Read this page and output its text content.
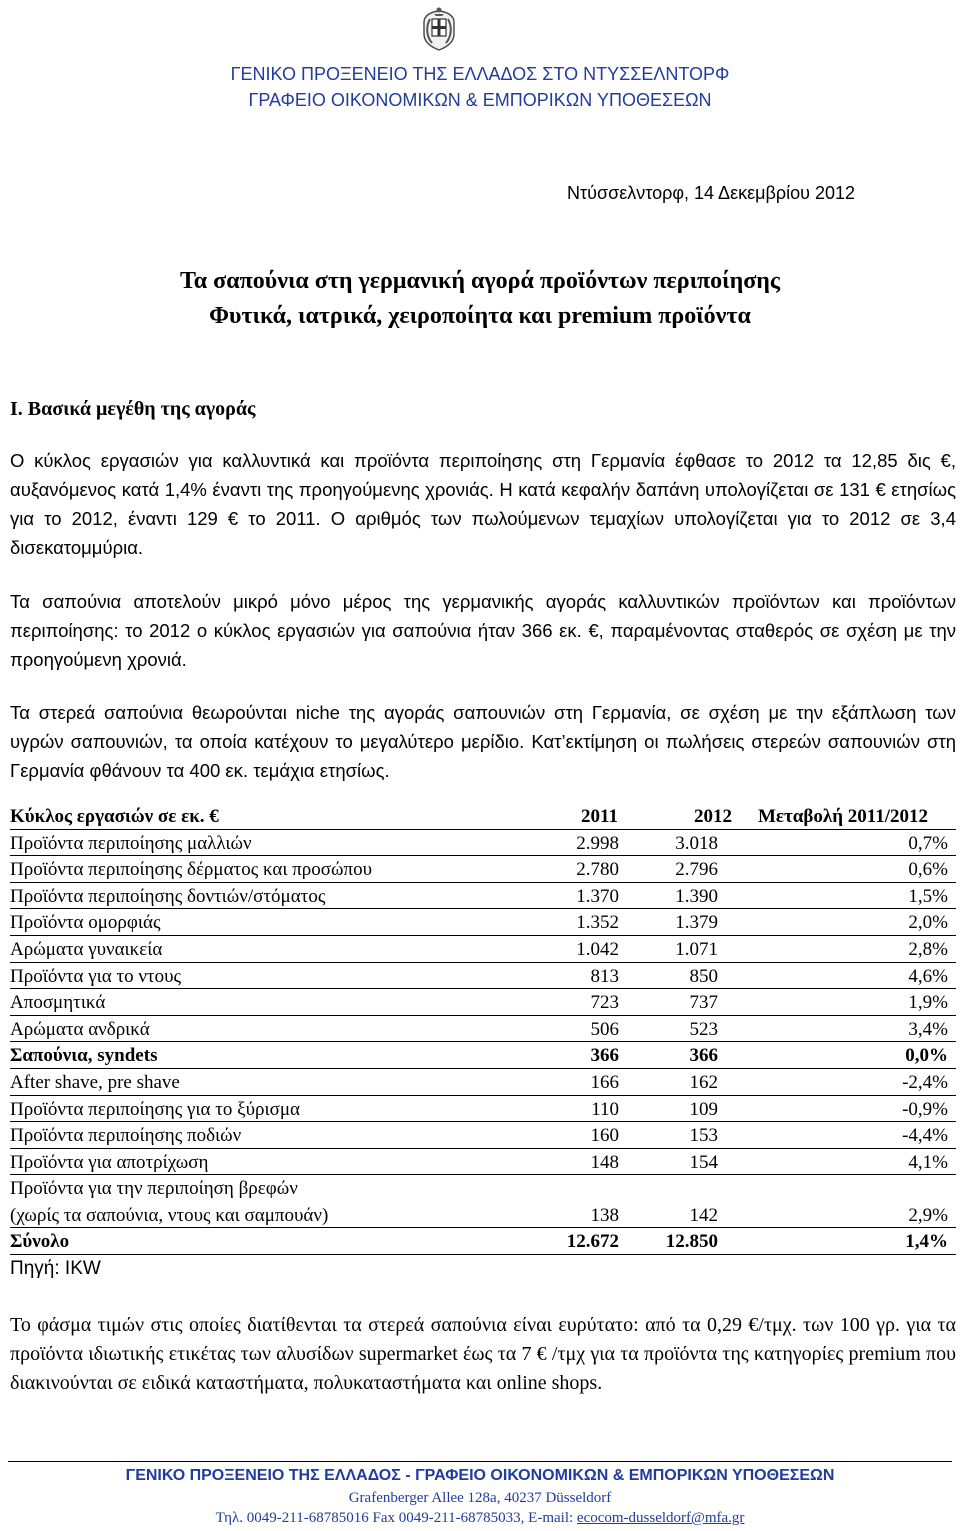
ΓΕΝΙΚΟ ΠΡΟΞΕΝΕΙΟ ΤΗΣ ΕΛΛΑΔΟΣ ΣΤΟ ΝΤΥΣΣΕΛΝΤΟΡΦ
ΓΡΑΦΕΙΟ ΟΙΚΟΝΟΜΙΚΩΝ & ΕΜΠΟΡΙΚΩΝ ΥΠΟΘΕΣΕΩΝ
Ντύσσελντορφ, 14 Δεκεμβρίου 2012
Τα σαπούνια στη γερμανική αγορά προϊόντων περιποίησης
Φυτικά, ιατρικά, χειροποίητα και premium προϊόντα
Ι. Βασικά μεγέθη της αγοράς

Ο κύκλος εργασιών για καλλυντικά και προϊόντα περιποίησης στη Γερμανία έφθασε το 2012 τα 12,85 δις €, αυξανόμενος κατά 1,4% έναντι της προηγούμενης χρονιάς. Η κατά κεφαλήν δαπάνη υπολογίζεται σε 131 € ετησίως για το 2012, έναντι 129 € το 2011. Ο αριθμός των πωλούμενων τεμαχίων υπολογίζεται για το 2012 σε 3,4 δισεκατομμύρια.

Τα σαπούνια αποτελούν μικρό μόνο μέρος της γερμανικής αγοράς καλλυντικών προϊόντων και προϊόντων περιποίησης: το 2012 ο κύκλος εργασιών για σαπούνια ήταν 366 εκ. €, παραμένοντας σταθερός σε σχέση με την προηγούμενη χρονιά.

Τα στερεά σαπούνια θεωρούνται niche της αγοράς σαπουνιών στη Γερμανία, σε σχέση με την εξάπλωση των υγρών σαπουνιών, τα οποία κατέχουν το μεγαλύτερο μερίδιο. Κατ’εκτίμηση οι πωλήσεις στερεών σαπουνιών στη Γερμανία φθάνουν τα 400 εκ. τεμάχια ετησίως.

Κύκλος εργασιών σε εκ. €	2011	2012 Μεταβολή 2011/2012
Προϊόντα περιποίησης μαλλιών	2.998	3.018	0,7%
Προϊόντα περιποίησης δέρματος και προσώπου	2.780	2.796	0,6%
Προϊόντα περιποίησης δοντιών/στόματος	1.370	1.390	1,5%
Προϊόντα ομορφιάς	1.352	1.379	2,0%
Αρώματα γυναικεία	1.042	1.071	2,8%
Προϊόντα για το ντους	813	850	4,6%
Αποσμητικά	723	737	1,9%
Αρώματα ανδρικά	506	523	3,4%
Σαπούνια, syndets	366	366	0,0%
After shave, pre shave	166	162	-2,4%
Προϊόντα περιποίησης για το ξύρισμα	110	109	-0,9%
Προϊόντα περιποίησης ποδιών	160	153	-4,4%
Προϊόντα για αποτρίχωση	148	154	4,1%
Προϊόντα για την περιποίηση βρεφών
(χωρίς τα σαπούνια, ντους και σαμπουάν)	138	142	2,9%
Σύνολο	12.672 12.850	1,4%
Πηγή: IKW

Το φάσμα τιμών στις οποίες διατίθενται τα στερεά σαπούνια είναι ευρύτατο: από τα 0,29 €/τμχ. των 100 γρ. για τα προϊόντα ιδιωτικής ετικέτας των αλυσίδων supermarket έως τα 7 € /τμχ για τα προϊόντα της κατηγορίες premium που διακινούνται σε ειδικά καταστήματα, πολυκαταστήματα και online shops.

ΓΕΝΙΚΟ ΠΡΟΞΕΝΕΙΟ ΤΗΣ ΕΛΛΑΔΟΣ - ΓΡΑΦΕΙΟ ΟΙΚΟΝΟΜΙΚΩΝ & ΕΜΠΟΡΙΚΩΝ ΥΠΟΘΕΣΕΩΝ
Grafenberger Allee 128a, 40237 Düsseldorf
Τηλ. 0049-211-68785016 Fax 0049-211-68785033, E-mail: ecocom-dusseldorf@mfa.gr
